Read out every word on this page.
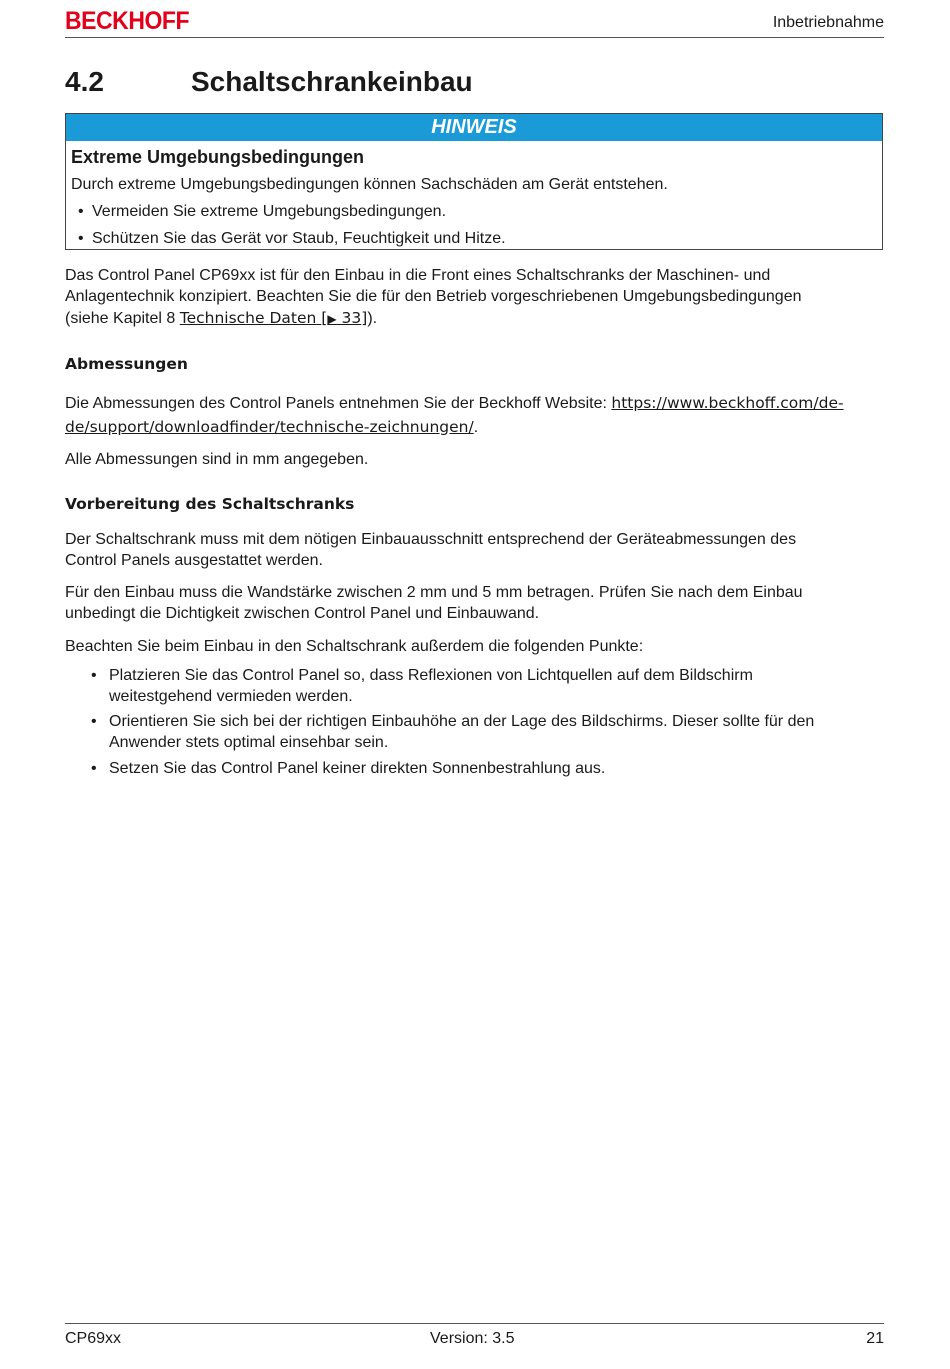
BECKHOFF	Inbetriebnahme
4.2	Schaltschrankeinbau
HINWEIS
Extreme Umgebungsbedingungen
Durch extreme Umgebungsbedingungen können Sachschäden am Gerät entstehen.
• Vermeiden Sie extreme Umgebungsbedingungen.
• Schützen Sie das Gerät vor Staub, Feuchtigkeit und Hitze.
Das Control Panel CP69xx ist für den Einbau in die Front eines Schaltschranks der Maschinen- und
Anlagentechnik konzipiert. Beachten Sie die für den Betrieb vorgeschriebenen Umgebungsbedingungen
(siehe Kapitel 8 Technische Daten [▶ 33]).
Abmessungen
Die Abmessungen des Control Panels entnehmen Sie der Beckhoff Website: https://www.beckhoff.com/de-
de/support/downloadfinder/technische-zeichnungen/.
Alle Abmessungen sind in mm angegeben.
Vorbereitung des Schaltschranks
Der Schaltschrank muss mit dem nötigen Einbauausschnitt entsprechend der Geräteabmessungen des
Control Panels ausgestattet werden.
Für den Einbau muss die Wandstärke zwischen 2 mm und 5 mm betragen. Prüfen Sie nach dem Einbau
unbedingt die Dichtigkeit zwischen Control Panel und Einbauwand.
Beachten Sie beim Einbau in den Schaltschrank außerdem die folgenden Punkte:
• Platzieren Sie das Control Panel so, dass Reflexionen von Lichtquellen auf dem Bildschirm
weitestgehend vermieden werden.
• Orientieren Sie sich bei der richtigen Einbauhöhe an der Lage des Bildschirms. Dieser sollte für den
Anwender stets optimal einsehbar sein.
• Setzen Sie das Control Panel keiner direkten Sonnenbestrahlung aus.
CP69xx	Version: 3.5	21
